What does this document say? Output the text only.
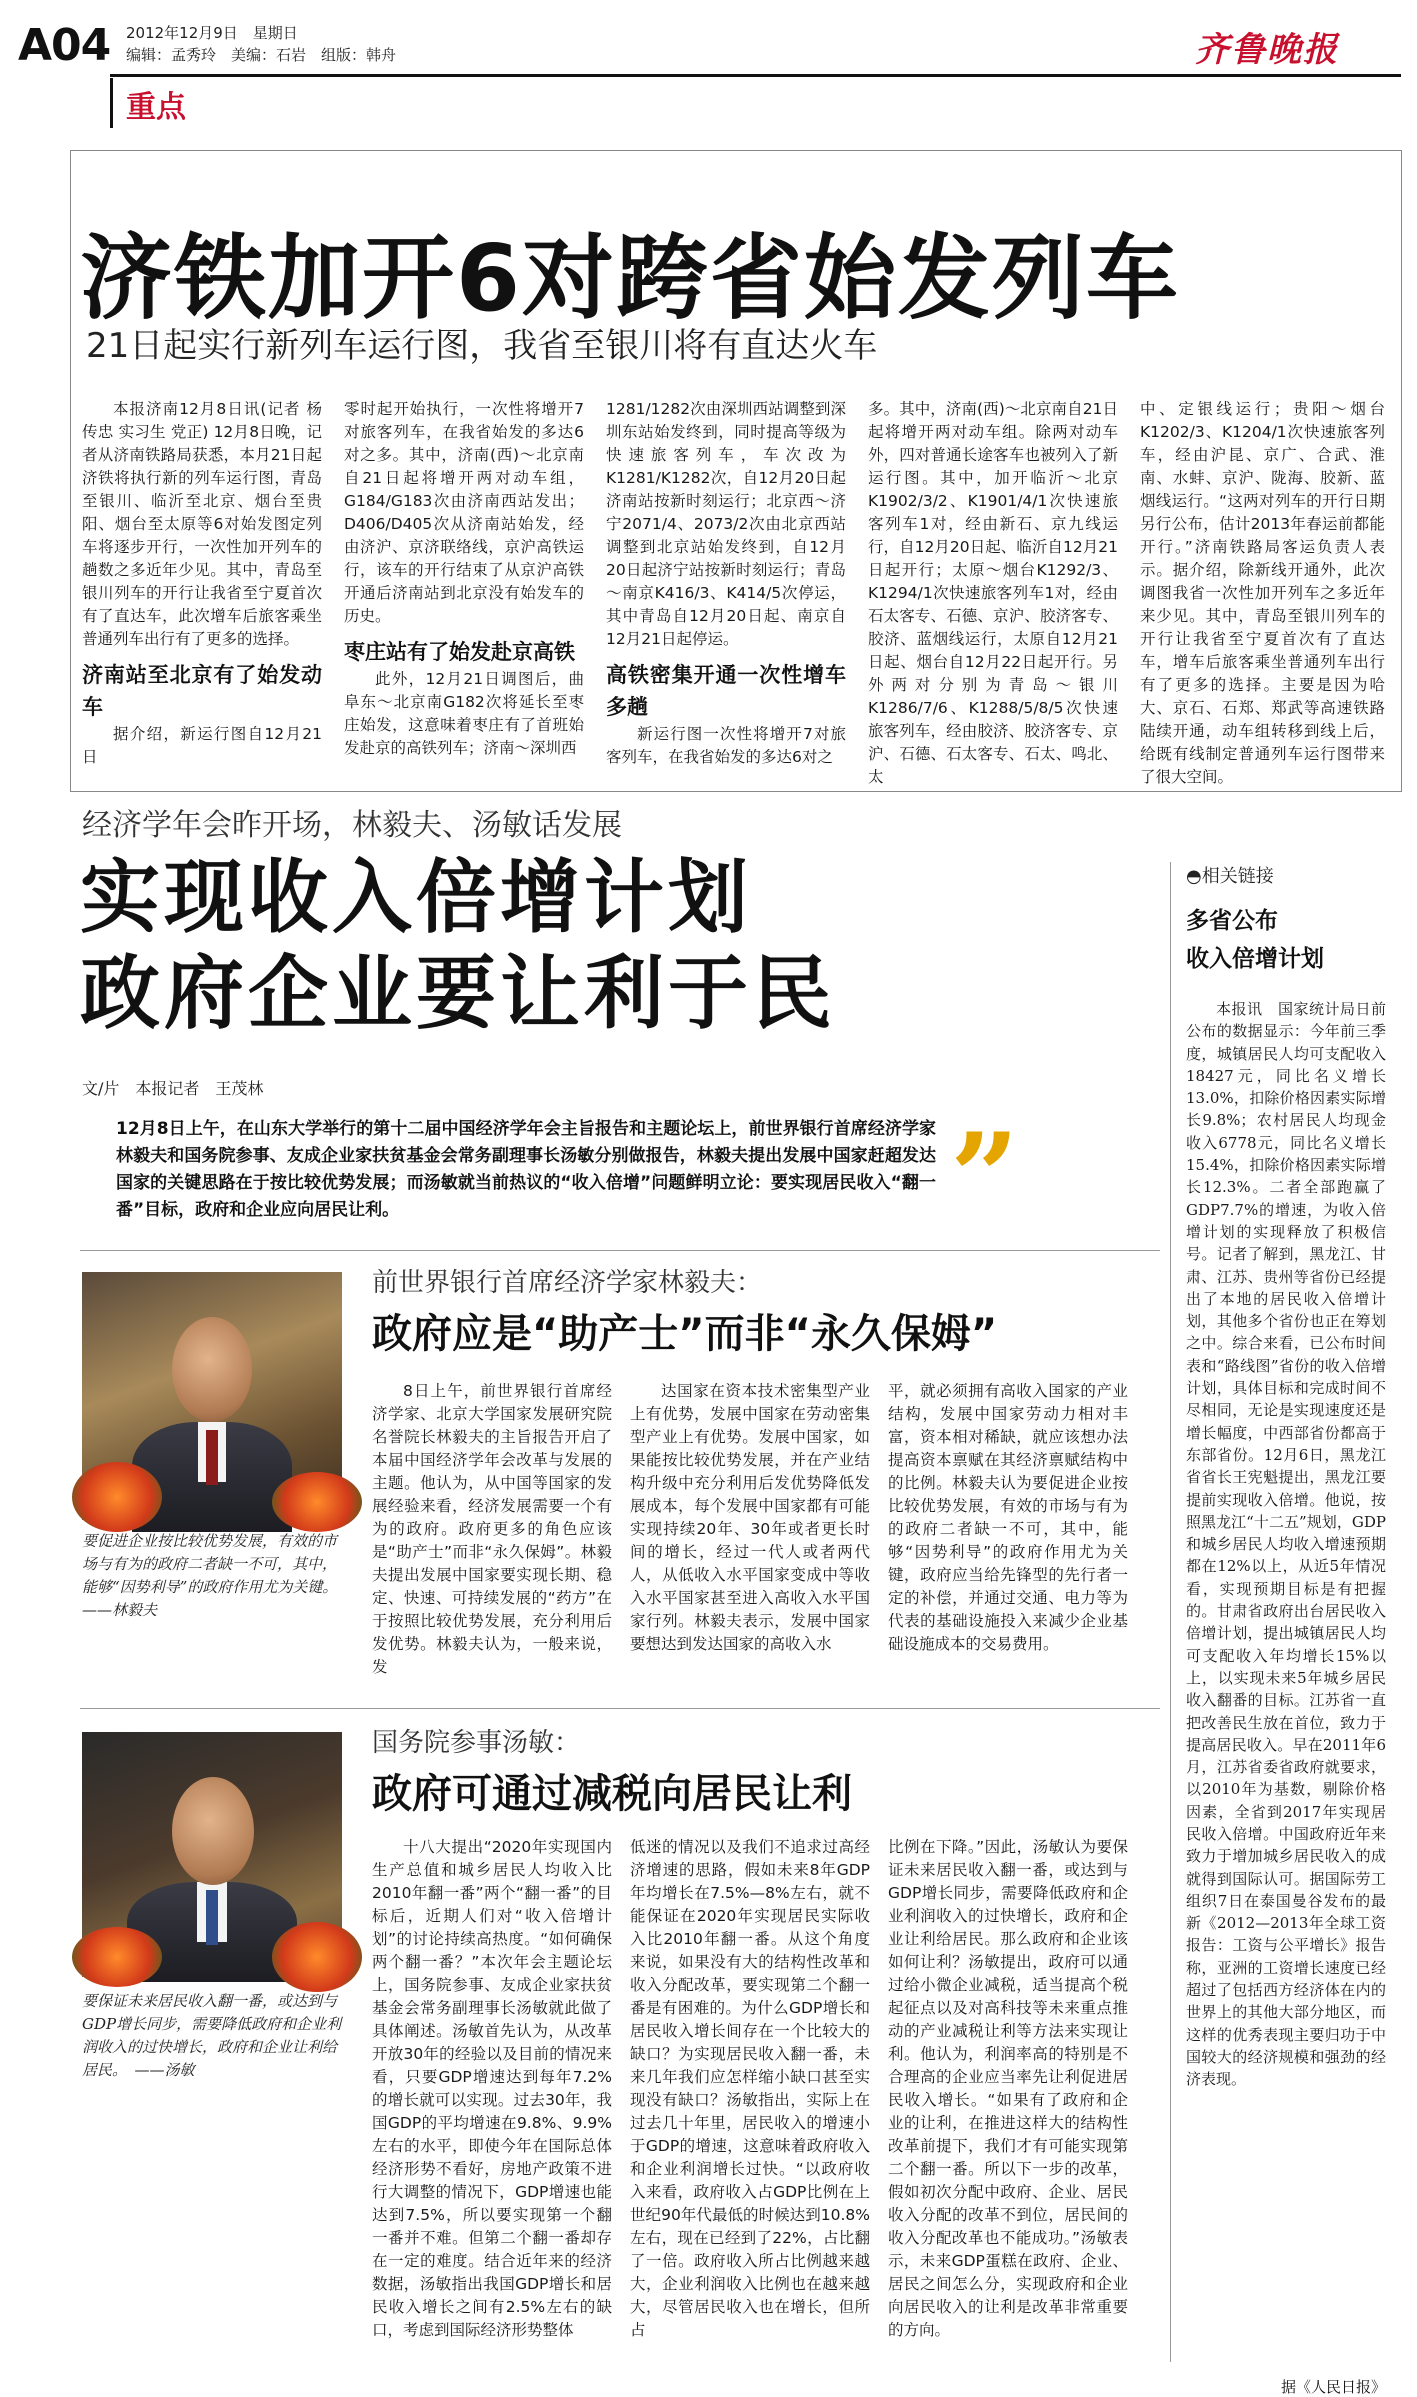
A04 2012年12月9日　星期日
编辑：孟秀玲　美编：石岩　组版：韩舟	齐鲁晚报
重点
济铁加开6对跨省始发列车
21日起实行新列车运行图，我省至银川将有直达火车

本报济南12月8日讯(记者 杨传忠 实习生 党正) 12月8日晚，记者从济南铁路局获悉，本月21日起济铁将执行新的列车运行图，青岛至银川、临沂至北京、烟台至贵阳、烟台至太原等6对始发图定列车将逐步开行，一次性加开列车的趟数之多近年少见。其中，青岛至银川列车的开行让我省至宁夏首次有了直达车，此次增车后旅客乘坐普通列车出行有了更多的选择。

济南站至北京有了始发动车

据介绍，新运行图自12月21日

零时起开始执行，一次性将增开7对旅客列车，在我省始发的多达6对之多。其中，济南(西)～北京南自21日起将增开两对动车组，G184/G183次由济南西站发出；D406/D405次从济南站始发，经由济沪、京济联络线，京沪高铁运行，该车的开行结束了从京沪高铁开通后济南站到北京没有始发车的历史。

枣庄站有了始发赴京高铁

此外，12月21日调图后，曲阜东～北京南G182次将延长至枣庄始发，这意味着枣庄有了首班始发赴京的高铁列车；济南～深圳西

1281/1282次由深圳西站调整到深圳东站始发终到，同时提高等级为快速旅客列车，车次改为K1281/K1282次，自12月20日起济南站按新时刻运行；北京西～济宁2071/4、2073/2次由北京西站调整到北京站始发终到，自12月20日起济宁站按新时刻运行；青岛～南京K416/3、K414/5次停运，其中青岛自12月20日起、南京自12月21日起停运。

高铁密集开通一次性增车多趟

新运行图一次性将增开7对旅客列车，在我省始发的多达6对之

多。其中，济南(西)～北京南自21日起将增开两对动车组。除两对动车外，四对普通长途客车也被列入了新运行图。其中，加开临沂～北京K1902/3/2、K1901/4/1次快速旅客列车1对，经由新石、京九线运行，自12月20日起、临沂自12月21日起开行；太原～烟台K1292/3、K1294/1次快速旅客列车1对，经由石太客专、石德、京沪、胶济客专、胶济、蓝烟线运行，太原自12月21日起、烟台自12月22日起开行。另外两对分别为青岛～银川K1286/7/6、K1288/5/8/5次快速旅客列车，经由胶济、胶济客专、京沪、石德、石太客专、石太、鸣北、太

中、定银线运行；贵阳～烟台K1202/3、K1204/1次快速旅客列车，经由沪昆、京广、合武、淮南、水蚌、京沪、陇海、胶新、蓝烟线运行。“这两对列车的开行日期另行公布，估计2013年春运前都能开行。”济南铁路局客运负责人表示。据介绍，除新线开通外，此次调图我省一次性加开列车之多近年来少见。其中，青岛至银川列车的开行让我省至宁夏首次有了直达车，增车后旅客乘坐普通列车出行有了更多的选择。主要是因为哈大、京石、石郑、郑武等高速铁路陆续开通，动车组转移到线上后，给既有线制定普通列车运行图带来了很大空间。

经济学年会昨开场，林毅夫、汤敏话发展
实现收入倍增计划
政府企业要让利于民
文/片　本报记者　王茂林
12月8日上午，在山东大学举行的第十二届中国经济学年会主旨报告和主题论坛上，前世界银行首席经济学家林毅夫和国务院参事、友成企业家扶贫基金会常务副理事长汤敏分别做报告，林毅夫提出发展中国家赶超发达国家的关键思路在于按比较优势发展；而汤敏就当前热议的“收入倍增”问题鲜明立论：要实现居民收入“翻一番”目标，政府和企业应向居民让利。	”
前世界银行首席经济学家林毅夫：
政府应是“助产士”而非“永久保姆”
要促进企业按比较优势发展，有效的市场与有为的政府二者缺一不可，其中，能够“因势利导”的政府作用尤为关键。　——林毅夫

8日上午，前世界银行首席经济学家、北京大学国家发展研究院名誉院长林毅夫的主旨报告开启了本届中国经济学年会改革与发展的主题。他认为，从中国等国家的发展经验来看，经济发展需要一个有为的政府。政府更多的角色应该是“助产士”而非“永久保姆”。林毅夫提出发展中国家要实现长期、稳定、快速、可持续发展的“药方”在于按照比较优势发展，充分利用后发优势。林毅夫认为，一般来说，发

达国家在资本技术密集型产业上有优势，发展中国家在劳动密集型产业上有优势。发展中国家，如果能按比较优势发展，并在产业结构升级中充分利用后发优势降低发展成本，每个发展中国家都有可能实现持续20年、30年或者更长时间的增长，经过一代人或者两代人，从低收入水平国家变成中等收入水平国家甚至进入高收入水平国家行列。林毅夫表示，发展中国家要想达到发达国家的高收入水

平，就必须拥有高收入国家的产业结构，发展中国家劳动力相对丰富，资本相对稀缺，就应该想办法提高资本禀赋在其经济禀赋结构中的比例。林毅夫认为要促进企业按比较优势发展，有效的市场与有为的政府二者缺一不可，其中，能够“因势利导”的政府作用尤为关键，政府应当给先锋型的先行者一定的补偿，并通过交通、电力等为代表的基础设施投入来减少企业基础设施成本的交易费用。

国务院参事汤敏：
政府可通过减税向居民让利
要保证未来居民收入翻一番，或达到与GDP增长同步，需要降低政府和企业利润收入的过快增长，政府和企业让利给居民。　——汤敏

十八大提出“2020年实现国内生产总值和城乡居民人均收入比2010年翻一番”两个“翻一番”的目标后，近期人们对“收入倍增计划”的讨论持续高热度。“如何确保两个翻一番？”本次年会主题论坛上，国务院参事、友成企业家扶贫基金会常务副理事长汤敏就此做了具体阐述。汤敏首先认为，从改革开放30年的经验以及目前的情况来看，只要GDP增速达到每年7.2%的增长就可以实现。过去30年，我国GDP的平均增速在9.8%、9.9%左右的水平，即使今年在国际总体经济形势不看好，房地产政策不进行大调整的情况下，GDP增速也能达到7.5%，所以要实现第一个翻一番并不难。但第二个翻一番却存在一定的难度。结合近年来的经济数据，汤敏指出我国GDP增长和居民收入增长之间有2.5%左右的缺口，考虑到国际经济形势整体

低迷的情况以及我们不追求过高经济增速的思路，假如未来8年GDP年均增长在7.5%—8%左右，就不能保证在2020年实现居民实际收入比2010年翻一番。从这个角度来说，如果没有大的结构性改革和收入分配改革，要实现第二个翻一番是有困难的。为什么GDP增长和居民收入增长间存在一个比较大的缺口？为实现居民收入翻一番，未来几年我们应怎样缩小缺口甚至实现没有缺口？汤敏指出，实际上在过去几十年里，居民收入的增速小于GDP的增速，这意味着政府收入和企业利润增长过快。“以政府收入来看，政府收入占GDP比例在上世纪90年代最低的时候达到10.8%左右，现在已经到了22%，占比翻了一倍。政府收入所占比例越来越大，企业利润收入比例也在越来越大，尽管居民收入也在增长，但所占

比例在下降。”因此，汤敏认为要保证未来居民收入翻一番，或达到与GDP增长同步，需要降低政府和企业利润收入的过快增长，政府和企业让利给居民。那么政府和企业该如何让利？汤敏提出，政府可以通过给小微企业减税，适当提高个税起征点以及对高科技等未来重点推动的产业减税让利等方法来实现让利。他认为，利润率高的特别是不合理高的企业应当率先让利促进居民收入增长。“如果有了政府和企业的让利，在推进这样大的结构性改革前提下，我们才有可能实现第二个翻一番。所以下一步的改革，假如初次分配中政府、企业、居民收入分配的改革不到位，居民间的收入分配改革也不能成功。”汤敏表示，未来GDP蛋糕在政府、企业、居民之间怎么分，实现政府和企业向居民收入的让利是改革非常重要的方向。

◓相关链接
多省公布
收入倍增计划

本报讯　国家统计局日前公布的数据显示：今年前三季度，城镇居民人均可支配收入18427元，同比名义增长13.0%，扣除价格因素实际增长9.8%；农村居民人均现金收入6778元，同比名义增长15.4%，扣除价格因素实际增长12.3%。二者全部跑赢了GDP7.7%的增速，为收入倍增计划的实现释放了积极信号。记者了解到，黑龙江、甘肃、江苏、贵州等省份已经提出了本地的居民收入倍增计划，其他多个省份也正在筹划之中。综合来看，已公布时间表和“路线图”省份的收入倍增计划，具体目标和完成时间不尽相同，无论是实现速度还是增长幅度，中西部省份都高于东部省份。12月6日，黑龙江省省长王宪魁提出，黑龙江要提前实现收入倍增。他说，按照黑龙江“十二五”规划，GDP和城乡居民人均收入增速预期都在12%以上，从近5年情况看，实现预期目标是有把握的。甘肃省政府出台居民收入倍增计划，提出城镇居民人均可支配收入年均增长15%以上，以实现未来5年城乡居民收入翻番的目标。江苏省一直把改善民生放在首位，致力于提高居民收入。早在2011年6月，江苏省委省政府就要求，以2010年为基数，剔除价格因素，全省到2017年实现居民收入倍增。中国政府近年来致力于增加城乡居民收入的成就得到国际认可。据国际劳工组织7日在泰国曼谷发布的最新《2012—2013年全球工资报告：工资与公平增长》报告称，亚洲的工资增长速度已经超过了包括西方经济体在内的世界上的其他大部分地区，而这样的优秀表现主要归功于中国较大的经济规模和强劲的经济表现。

据《人民日报》
